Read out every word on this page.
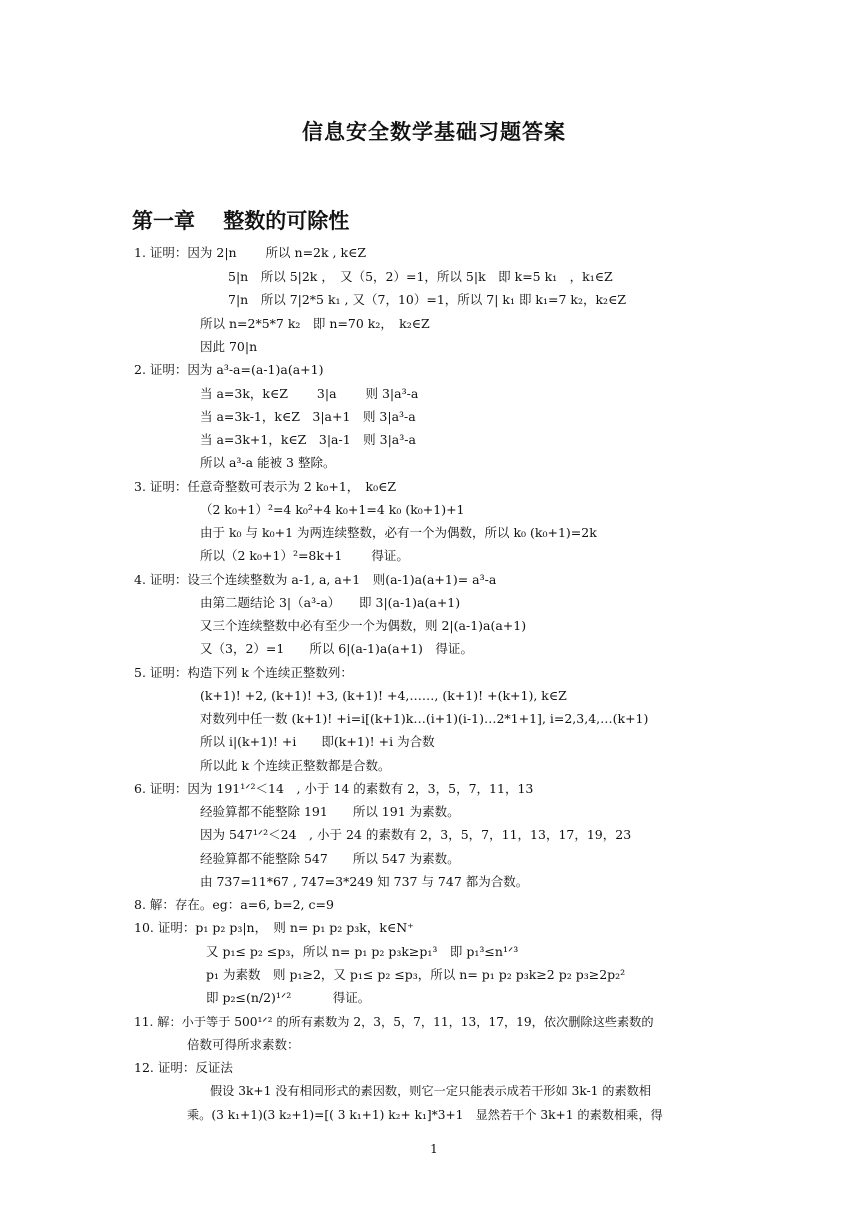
信息安全数学基础习题答案
第一章　 整数的可除性
1. 证明：因为 2|n　　 所以 n=2k , k∈Z
5|n　所以 5|2k ，　又（5，2）=1，所以 5|k　即 k=5 k₁　，k₁∈Z
7|n　所以 7|2*5 k₁ , 又（7，10）=1，所以 7| k₁ 即 k₁=7 k₂，k₂∈Z
所以 n=2*5*7 k₂　即 n=70 k₂，　k₂∈Z
因此 70|n
2. 证明：因为 a³-a=(a-1)a(a+1)
当 a=3k，k∈Z　　 3|a　　 则 3|a³-a
当 a=3k-1，k∈Z　3|a+1　则 3|a³-a
当 a=3k+1，k∈Z　3|a-1　则 3|a³-a
所以 a³-a 能被 3 整除。
3. 证明：任意奇整数可表示为 2 k₀+1，　k₀∈Z
（2 k₀+1）²=4 k₀²+4 k₀+1=4 k₀ (k₀+1)+1
由于 k₀ 与 k₀+1 为两连续整数，必有一个为偶数，所以 k₀ (k₀+1)=2k
所以（2 k₀+1）²=8k+1　　 得证。
4. 证明：设三个连续整数为 a-1, a, a+1　则(a-1)a(a+1)= a³-a
由第二题结论 3|（a³-a）　　即 3|(a-1)a(a+1)
又三个连续整数中必有至少一个为偶数，则 2|(a-1)a(a+1)
又（3，2）=1　　所以 6|(a-1)a(a+1)　得证。
5. 证明：构造下列 k 个连续正整数列：
(k+1)! +2, (k+1)! +3, (k+1)! +4,……, (k+1)! +(k+1), k∈Z
对数列中任一数 (k+1)! +i=i[(k+1)k…(i+1)(i-1)…2*1+1], i=2,3,4,…(k+1)
所以 i|(k+1)! +i　　即(k+1)! +i 为合数
所以此 k 个连续正整数都是合数。
6. 证明：因为 191¹ᐟ²＜14　, 小于 14 的素数有 2，3，5，7，11，13
经验算都不能整除 191　　所以 191 为素数。
因为 547¹ᐟ²＜24　, 小于 24 的素数有 2，3，5，7，11，13，17，19，23
经验算都不能整除 547　　所以 547 为素数。
由 737=11*67 , 747=3*249 知 737 与 747 都为合数。
8. 解：存在。eg：a=6, b=2, c=9
10. 证明：p₁ p₂ p₃|n，　则 n= p₁ p₂ p₃k，k∈N⁺
又 p₁≤ p₂ ≤p₃，所以 n= p₁ p₂ p₃k≥p₁³　即 p₁³≤n¹ᐟ³
p₁ 为素数　则 p₁≥2，又 p₁≤ p₂ ≤p₃，所以 n= p₁ p₂ p₃k≥2 p₂ p₃≥2p₂²
即 p₂≤(n/2)¹ᐟ²　　　 得证。
11. 解：小于等于 500¹ᐟ² 的所有素数为 2，3，5，7，11，13，17，19，依次删除这些素数的
倍数可得所求素数：
12. 证明：反证法
假设 3k+1 没有相同形式的素因数，则它一定只能表示成若干形如 3k-1 的素数相
乘。(3 k₁+1)(3 k₂+1)=[( 3 k₁+1) k₂+ k₁]*3+1　显然若干个 3k+1 的素数相乘，得
1
